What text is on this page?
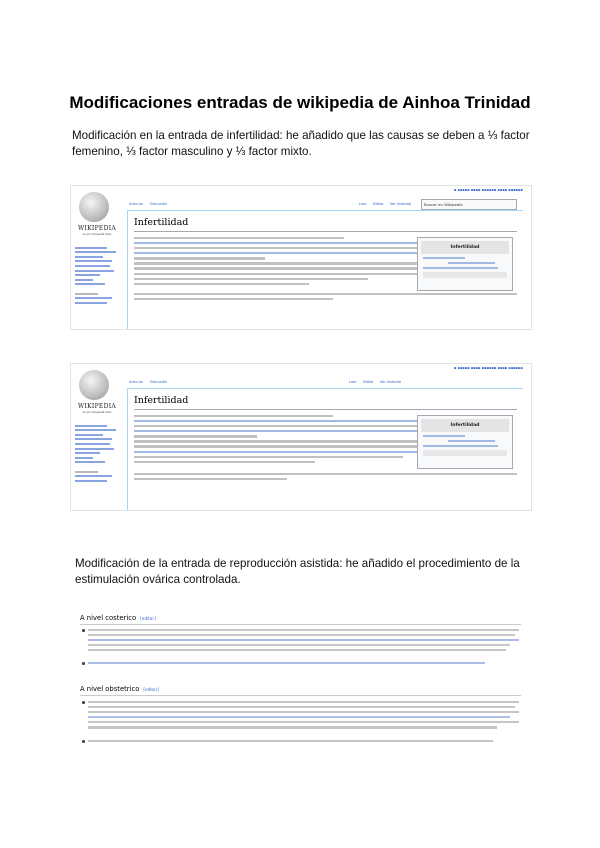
Modificaciones entradas de wikipedia de Ainhoa Trinidad
Modificación en la entrada de infertilidad: he añadido que las causas se deben a ⅓ factor femenino, ⅓ factor masculino y ⅓ factor mixto.
▪ ▪▪▪▪▪ ▪▪▪▪ ▪▪▪▪▪▪ ▪▪▪▪ ▪▪▪▪▪▪
WIKIPEDIA
La enciclopedia libre
Artículo Discusión	Leer Editar Ver historial	Buscar en Wikipedia
Infertilidad
Infertilidad
▪ ▪▪▪▪▪ ▪▪▪▪ ▪▪▪▪▪▪ ▪▪▪▪ ▪▪▪▪▪▪
WIKIPEDIA
La enciclopedia libre
Artículo Discusión	Leer Editar Ver historial
Infertilidad
Infertilidad
Modificación de la entrada de reproducción asistida: he añadido el procedimiento de la estimulación ovárica controlada.
A nivel costerico [editar]
A nivel obstetrico [editar]
